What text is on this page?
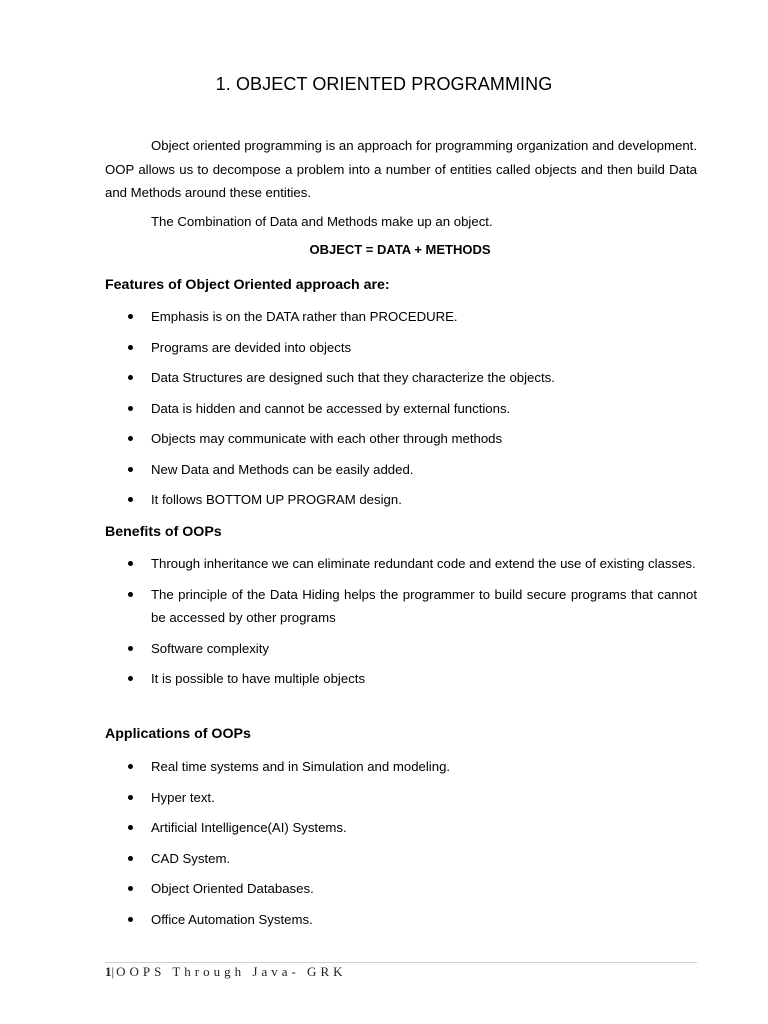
1. OBJECT ORIENTED PROGRAMMING

Object oriented programming is an approach for programming organization and development. OOP allows us to decompose a problem into a number of entities called objects and then build Data and Methods around these entities.

The Combination of Data and Methods make up an object.

OBJECT = DATA + METHODS

Features of Object Oriented approach are:
Emphasis is on the DATA rather than PROCEDURE.
Programs are devided into objects
Data Structures are designed such that they characterize the objects.
Data is hidden and cannot be accessed by external functions.
Objects may communicate with each other through methods
New Data and Methods can be easily added.
It follows BOTTOM UP PROGRAM design.
Benefits of OOPs
Through inheritance we can eliminate redundant code and extend the use of existing classes.
The principle of the Data Hiding helps the programmer to build secure programs that cannot be accessed by other programs
Software complexity
It is possible to have multiple objects
Applications of OOPs
Real time systems and in Simulation and modeling.
Hyper text.
Artificial Intelligence(AI) Systems.
CAD System.
Object Oriented Databases.
Office Automation Systems.
1| OOPS Through Java- GRK
